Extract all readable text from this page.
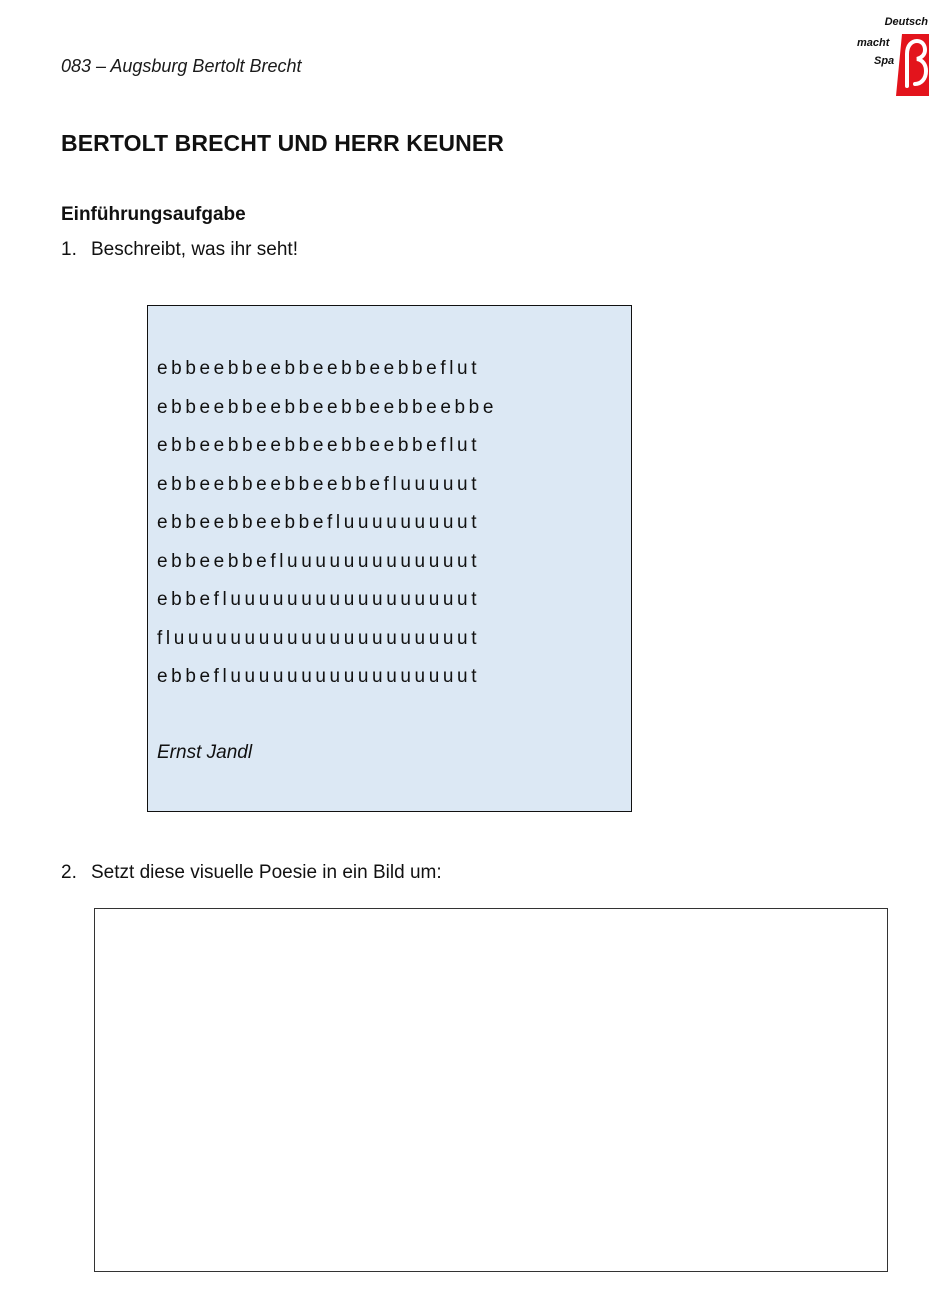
083 – Augsburg Bertolt Brecht
Deutsch
macht
Spa
BERTOLT BRECHT UND HERR KEUNER
Einführungsaufgabe
1. Beschreibt, was ihr seht!
ebbeebbeebbeebbeebbeflut
ebbeebbeebbeebbeebbeebbe
ebbeebbeebbeebbeebbeflut
ebbeebbeebbeebbefluuuuut
ebbeebbeebbefluuuuuuuuut
ebbeebbefluuuuuuuuuuuuut
ebbefluuuuuuuuuuuuuuuuut
fluuuuuuuuuuuuuuuuuuuuut
ebbefluuuuuuuuuuuuuuuuut
Ernst Jandl
2. Setzt diese visuelle Poesie in ein Bild um:
